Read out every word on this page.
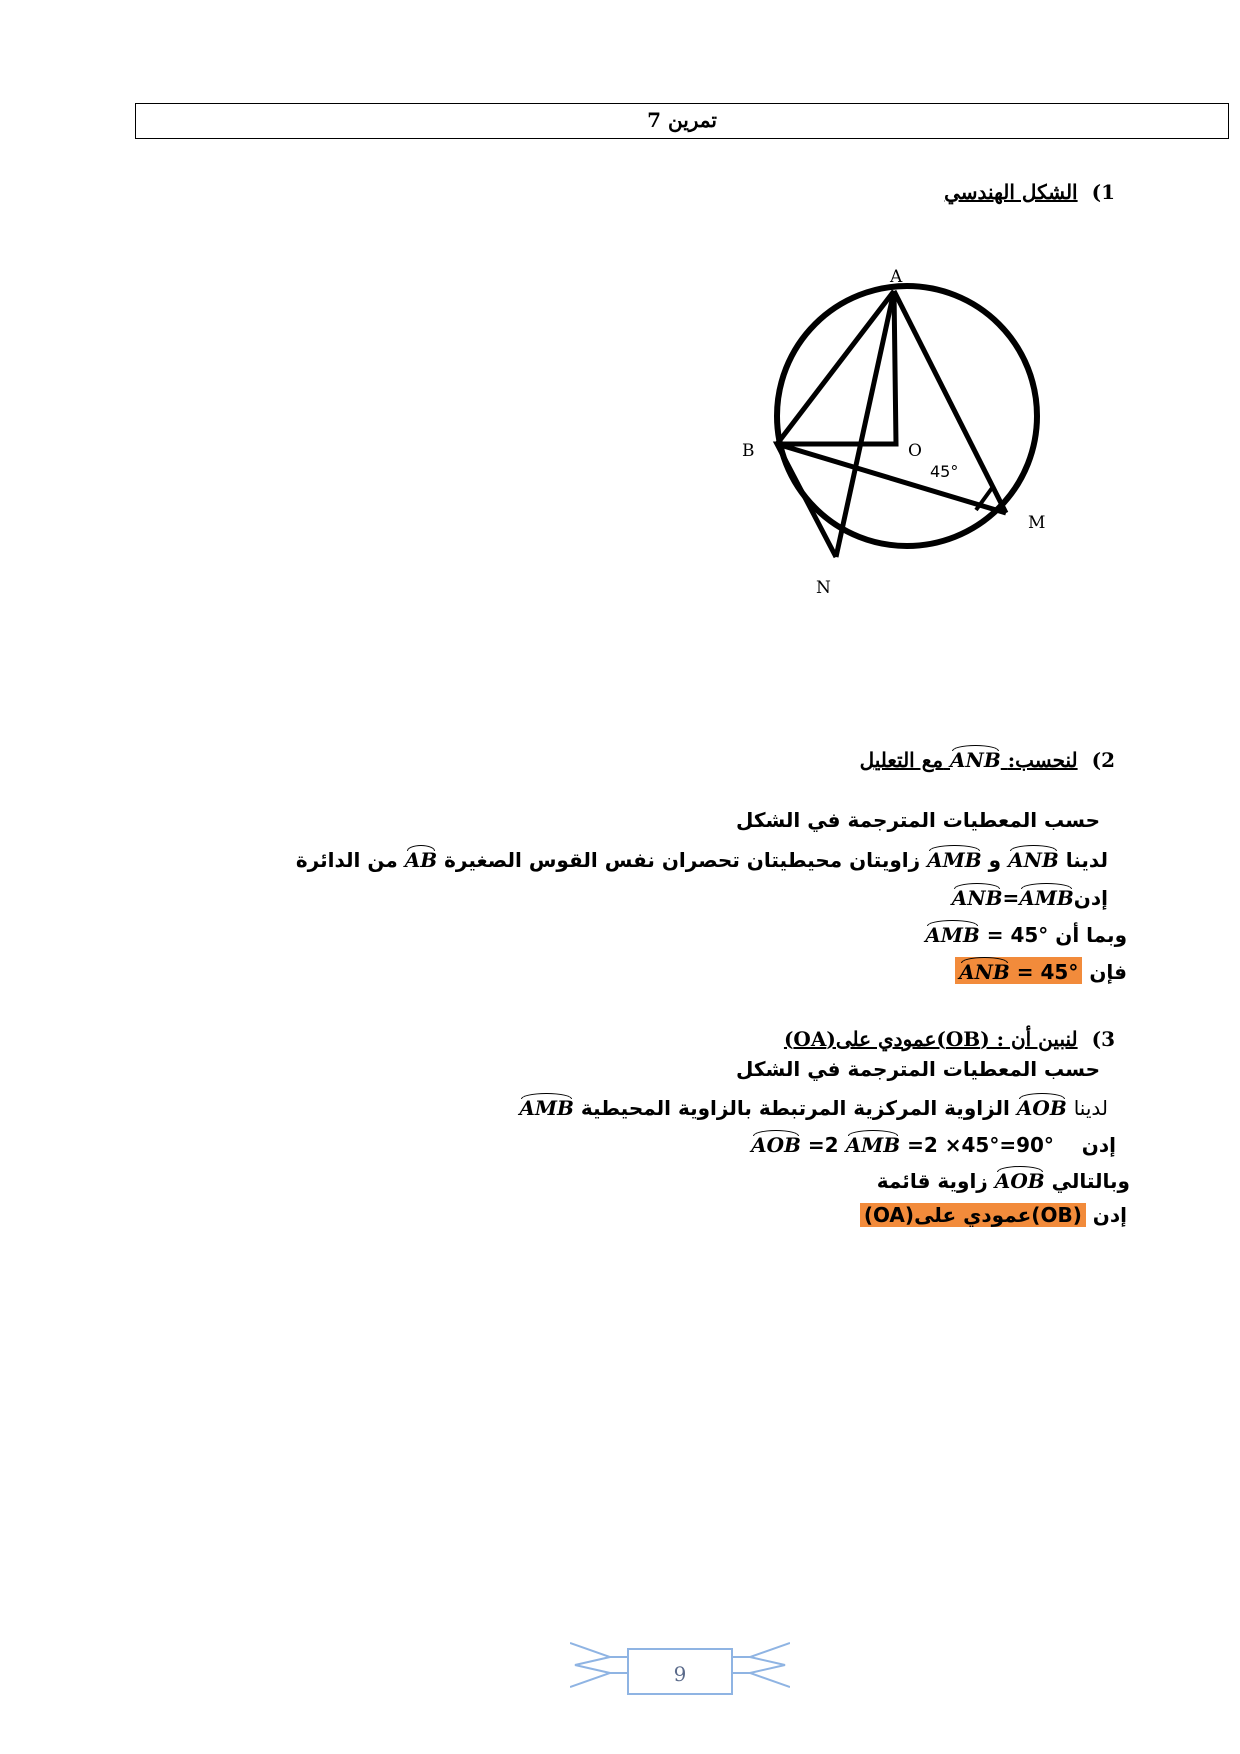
تمرين 7
1)الشكل الهندسي
A
B	O
M
N
45°
2)لنحسب: ANB مع التعليل
حسب المعطيات المترجمة في الشكل
لدينا ANB و AMB زاويتان محيطيتان تحصران نفس القوس الصغيرة AB من الدائرة
إدنANB=AMB
وبما أن AMB = 45°
فإن ANB = 45°
3)لنبين أن : (OB)عمودي على(OA)
حسب المعطيات المترجمة في الشكل
لدينا AOB الزاوية المركزية المرتبطة بالزاوية المحيطية AMB
إدن    AOB =2 AMB =2 ×45°=90°
وبالتالي AOB زاوية قائمة
إدن (OB)عمودي على(OA)
9
